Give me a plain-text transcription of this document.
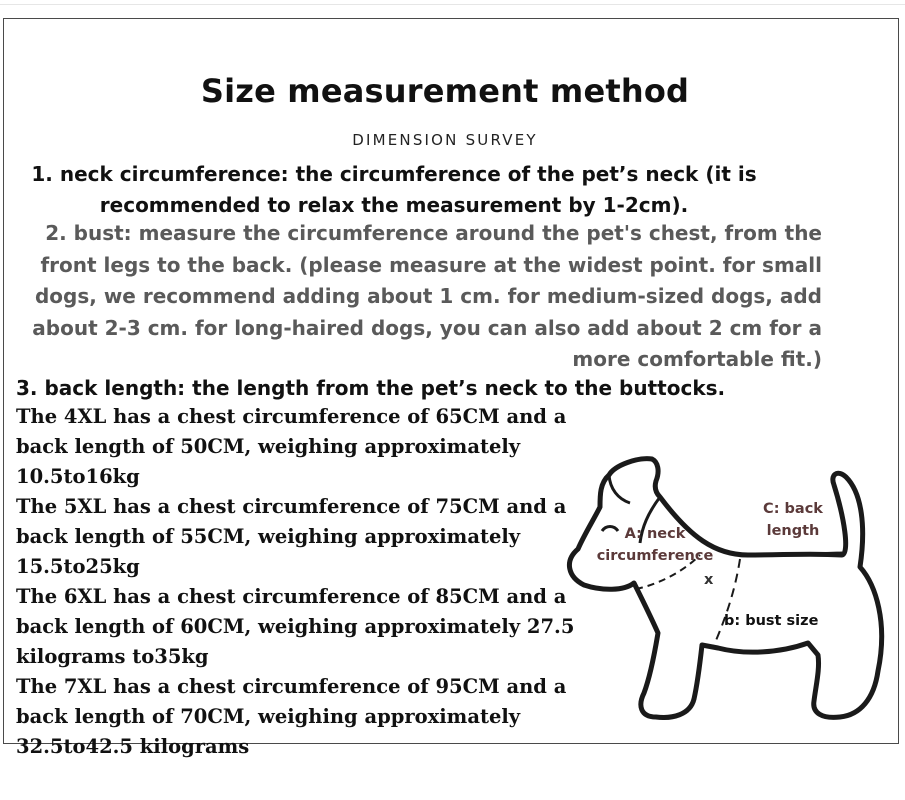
Size measurement method
DIMENSION SURVEY
1. neck circumference: the circumference of the pet’s neck (it is recommended to relax the measurement by 1-2cm).
2. bust: measure the circumference around the pet's chest, from the front legs to the back. (please measure at the widest point. for small dogs, we recommend adding about 1 cm. for medium-sized dogs, add about 2-3 cm. for long-haired dogs, you can also add about 2 cm for a more comfortable fit.)
3. back length: the length from the pet’s neck to the buttocks.
The 4XL has a chest circumference of 65CM and a back length of 50CM, weighing approximately 10.5to16kg
The 5XL has a chest circumference of 75CM and a back length of 55CM, weighing approximately 15.5to25kg
The 6XL has a chest circumference of 85CM and a back length of 60CM, weighing approximately 27.5 kilograms to35kg
The 7XL has a chest circumference of 95CM and a back length of 70CM, weighing approximately 32.5to42.5 kilograms
A: neck
circumference
C: back
length
x
b: bust size
